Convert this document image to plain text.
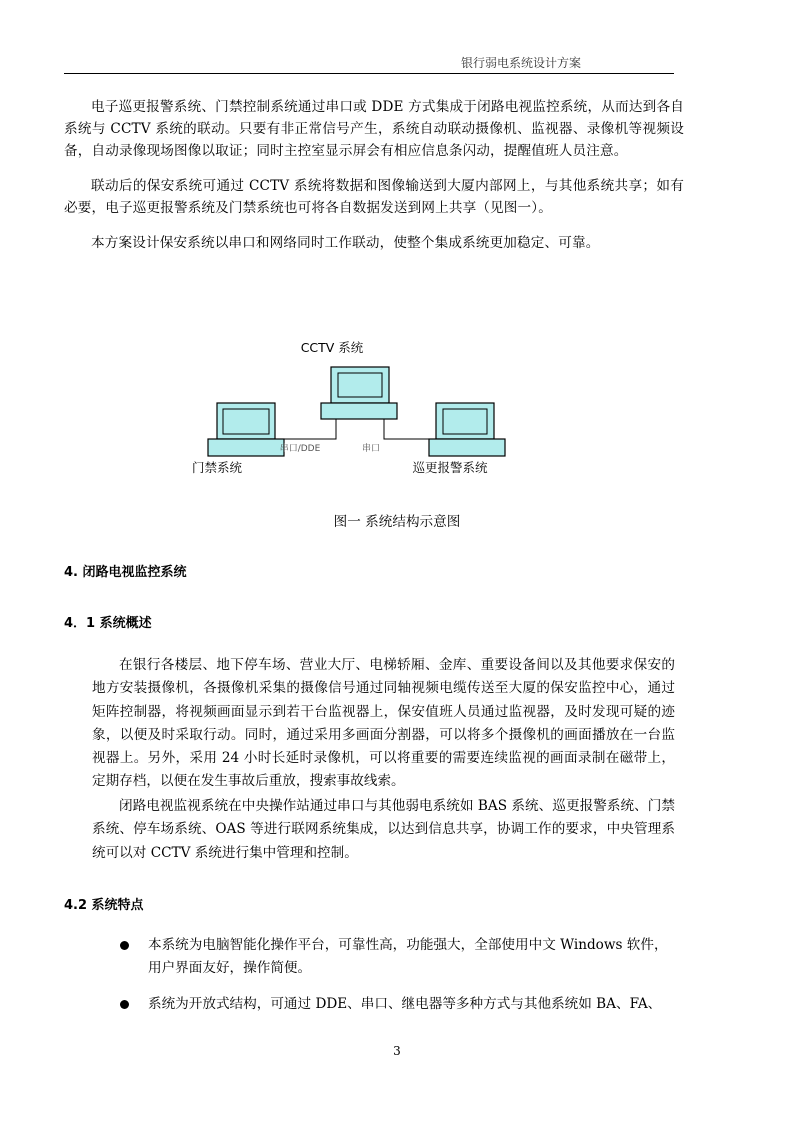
银行弱电系统设计方案

电子巡更报警系统、门禁控制系统通过串口或 DDE 方式集成于闭路电视监控系统，从而达到各自系统与 CCTV 系统的联动。只要有非正常信号产生，系统自动联动摄像机、监视器、录像机等视频设备，自动录像现场图像以取证；同时主控室显示屏会有相应信息条闪动，提醒值班人员注意。

联动后的保安系统可通过 CCTV 系统将数据和图像输送到大厦内部网上，与其他系统共享；如有必要，电子巡更报警系统及门禁系统也可将各自数据发送到网上共享（见图一）。

本方案设计保安系统以串口和网络同时工作联动，使整个集成系统更加稳定、可靠。

CCTV 系统
门禁系统	巡更报警系统
串口/DDE	串口
图一 系统结构示意图

4. 闭路电视监控系统

4．1 系统概述

在银行各楼层、地下停车场、营业大厅、电梯轿厢、金库、重要设备间以及其他要求保安的地方安装摄像机，各摄像机采集的摄像信号通过同轴视频电缆传送至大厦的保安监控中心，通过矩阵控制器，将视频画面显示到若干台监视器上，保安值班人员通过监视器，及时发现可疑的迹象，以便及时采取行动。同时，通过采用多画面分割器，可以将多个摄像机的画面播放在一台监视器上。另外，采用 24 小时长延时录像机，可以将重要的需要连续监视的画面录制在磁带上，定期存档，以便在发生事故后重放，搜索事故线索。

闭路电视监视系统在中央操作站通过串口与其他弱电系统如 BAS 系统、巡更报警系统、门禁系统、停车场系统、OAS 等进行联网系统集成，以达到信息共享，协调工作的要求，中央管理系统可以对 CCTV 系统进行集中管理和控制。

4.2 系统特点

本系统为电脑智能化操作平台，可靠性高，功能强大，全部使用中文 Windows 软件，用户界面友好，操作简便。

系统为开放式结构，可通过 DDE、串口、继电器等多种方式与其他系统如 BA、FA、

3
